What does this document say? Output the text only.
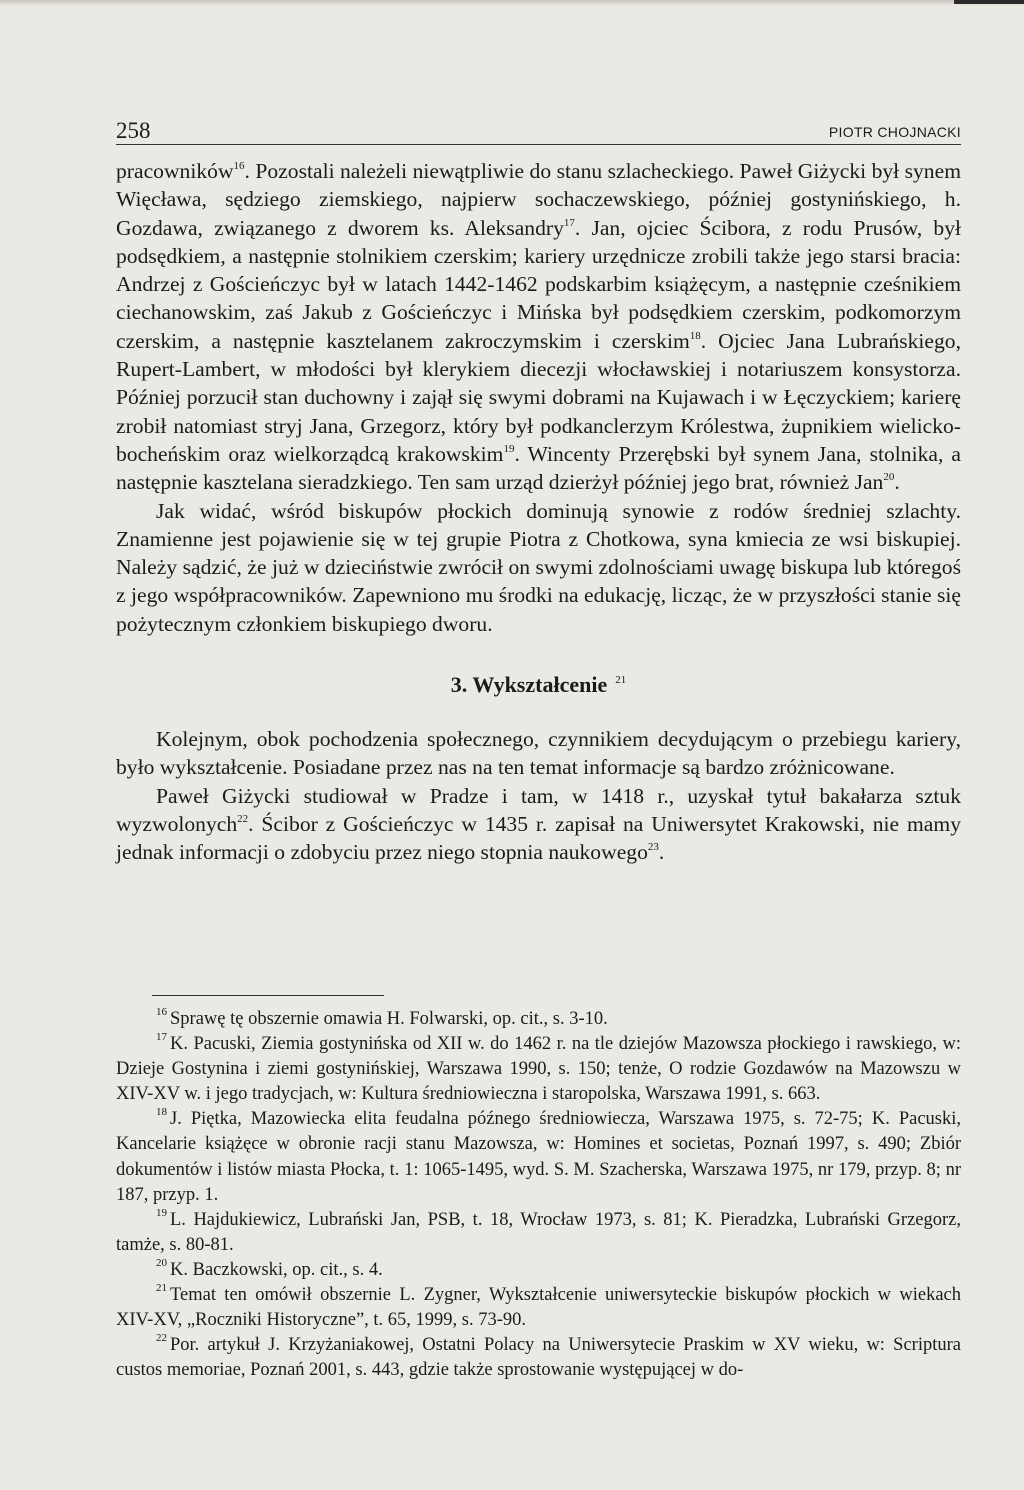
258	PIOTR CHOJNACKI

pracowników$^{16}$. Pozostali należeli niewątpliwie do stanu szlacheckiego. Paweł Giżycki był synem Więcława, sędziego ziemskiego, najpierw sochaczewskiego, później gostynińskiego, h. Gozdawa, związanego z dworem ks. Aleksandry$^{17}$. Jan, ojciec Ścibora, z rodu Prusów, był podsędkiem, a następnie stolnikiem czerskim; kariery urzędnicze zrobili także jego starsi bracia: Andrzej z Gościeńczyc był w latach 1442-1462 podskarbim książęcym, a następnie cześnikiem ciechanowskim, zaś Jakub z Gościeńczyc i Mińska był podsędkiem czerskim, podkomorzym czerskim, a następnie kasztelanem zakroczymskim i czerskim$^{18}$. Ojciec Jana Lubrańskiego, Rupert-Lambert, w młodości był klerykiem diecezji włocławskiej i notariuszem konsystorza. Później porzucił stan duchowny i zajął się swymi dobrami na Kujawach i w Łęczyckiem; karierę zrobił natomiast stryj Jana, Grzegorz, który był podkanclerzym Królestwa, żupnikiem wielicko-bocheńskim oraz wielkorządcą krakowskim$^{19}$. Wincenty Przerębski był synem Jana, stolnika, a następnie kasztelana sieradzkiego. Ten sam urząd dzierżył później jego brat, również Jan$^{20}$.

Jak widać, wśród biskupów płockich dominują synowie z rodów średniej szlachty. Znamienne jest pojawienie się w tej grupie Piotra z Chotkowa, syna kmiecia ze wsi biskupiej. Należy sądzić, że już w dzieciństwie zwrócił on swymi zdolnościami uwagę biskupa lub któregoś z jego współpracowników. Zapewniono mu środki na edukację, licząc, że w przyszłości stanie się pożytecznym członkiem biskupiego dworu.

3. Wykształcenie $^{21}$

Kolejnym, obok pochodzenia społecznego, czynnikiem decydującym o przebiegu kariery, było wykształcenie. Posiadane przez nas na ten temat informacje są bardzo zróżnicowane.

Paweł Giżycki studiował w Pradze i tam, w 1418 r., uzyskał tytuł bakałarza sztuk wyzwolonych$^{22}$. Ścibor z Gościeńczyc w 1435 r. zapisał na Uniwersytet Krakowski, nie mamy jednak informacji o zdobyciu przez niego stopnia naukowego$^{23}$.

$^{16}$ Sprawę tę obszernie omawia H. Folwarski, op. cit., s. 3-10.

$^{17}$ K. Pacuski, Ziemia gostynińska od XII w. do 1462 r. na tle dziejów Mazowsza płockiego i rawskiego, w: Dzieje Gostynina i ziemi gostynińskiej, Warszawa 1990, s. 150; tenże, O rodzie Gozdawów na Mazowszu w XIV-XV w. i jego tradycjach, w: Kultura średniowieczna i staropolska, Warszawa 1991, s. 663.

$^{18}$ J. Piętka, Mazowiecka elita feudalna późnego średniowiecza, Warszawa 1975, s. 72-75; K. Pacuski, Kancelarie książęce w obronie racji stanu Mazowsza, w: Homines et societas, Poznań 1997, s. 490; Zbiór dokumentów i listów miasta Płocka, t. 1: 1065-1495, wyd. S. M. Szacherska, Warszawa 1975, nr 179, przyp. 8; nr 187, przyp. 1.

$^{19}$ L. Hajdukiewicz, Lubrański Jan, PSB, t. 18, Wrocław 1973, s. 81; K. Pieradzka, Lubrański Grzegorz, tamże, s. 80-81.

$^{20}$ K. Baczkowski, op. cit., s. 4.

$^{21}$ Temat ten omówił obszernie L. Zygner, Wykształcenie uniwersyteckie biskupów płockich w wiekach XIV-XV, „Roczniki Historyczne”, t. 65, 1999, s. 73-90.

$^{22}$ Por. artykuł J. Krzyżaniakowej, Ostatni Polacy na Uniwersytecie Praskim w XV wieku, w: Scriptura custos memoriae, Poznań 2001, s. 443, gdzie także sprostowanie występującej w do-
